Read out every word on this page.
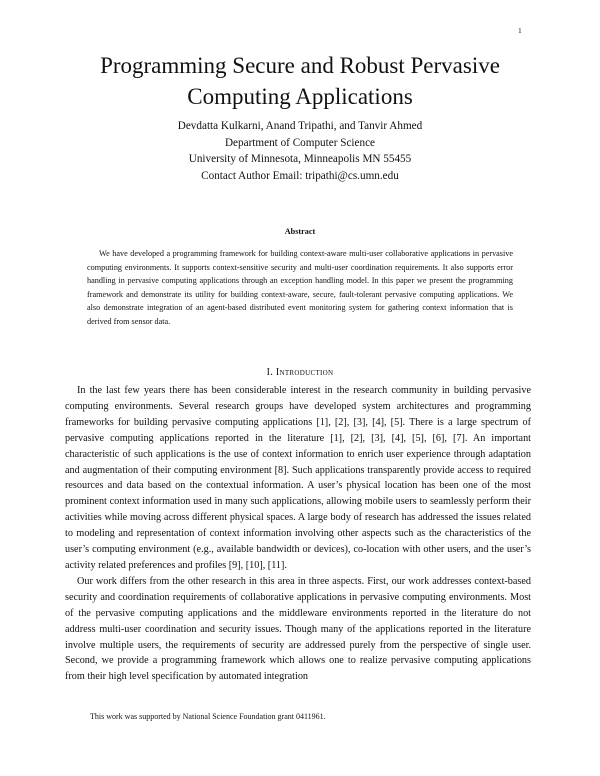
1
Programming Secure and Robust Pervasive
Computing Applications
Devdatta Kulkarni, Anand Tripathi, and Tanvir Ahmed
Department of Computer Science
University of Minnesota, Minneapolis MN 55455
Contact Author Email: tripathi@cs.umn.edu
Abstract
We have developed a programming framework for building context-aware multi-user collaborative applications in pervasive computing environments. It supports context-sensitive security and multi-user coordination requirements. It also supports error handling in pervasive computing applications through an exception handling model. In this paper we present the programming framework and demonstrate its utility for building context-aware, secure, fault-tolerant pervasive computing applications. We also demonstrate integration of an agent-based distributed event monitoring system for gathering context information that is derived from sensor data.
I. Introduction

In the last few years there has been considerable interest in the research community in building pervasive computing environments. Several research groups have developed system architectures and programming frameworks for building pervasive computing applications [1], [2], [3], [4], [5]. There is a large spectrum of pervasive computing applications reported in the literature [1], [2], [3], [4], [5], [6], [7]. An important characteristic of such applications is the use of context information to enrich user experience through adaptation and augmentation of their computing environment [8]. Such applications transparently provide access to required resources and data based on the contextual information. A user’s physical location has been one of the most prominent context information used in many such applications, allowing mobile users to seamlessly perform their activities while moving across different physical spaces. A large body of research has addressed the issues related to modeling and representation of context information involving other aspects such as the characteristics of the user’s computing environment (e.g., available bandwidth or devices), co-location with other users, and the user’s activity related preferences and profiles [9], [10], [11].

Our work differs from the other research in this area in three aspects. First, our work addresses context-based security and coordination requirements of collaborative applications in pervasive computing environments. Most of the pervasive computing applications and the middleware environments reported in the literature do not address multi-user coordination and security issues. Though many of the applications reported in the literature involve multiple users, the requirements of security are addressed purely from the perspective of single user. Second, we provide a programming framework which allows one to realize pervasive computing applications from their high level specification by automated integration

This work was supported by National Science Foundation grant 0411961.
